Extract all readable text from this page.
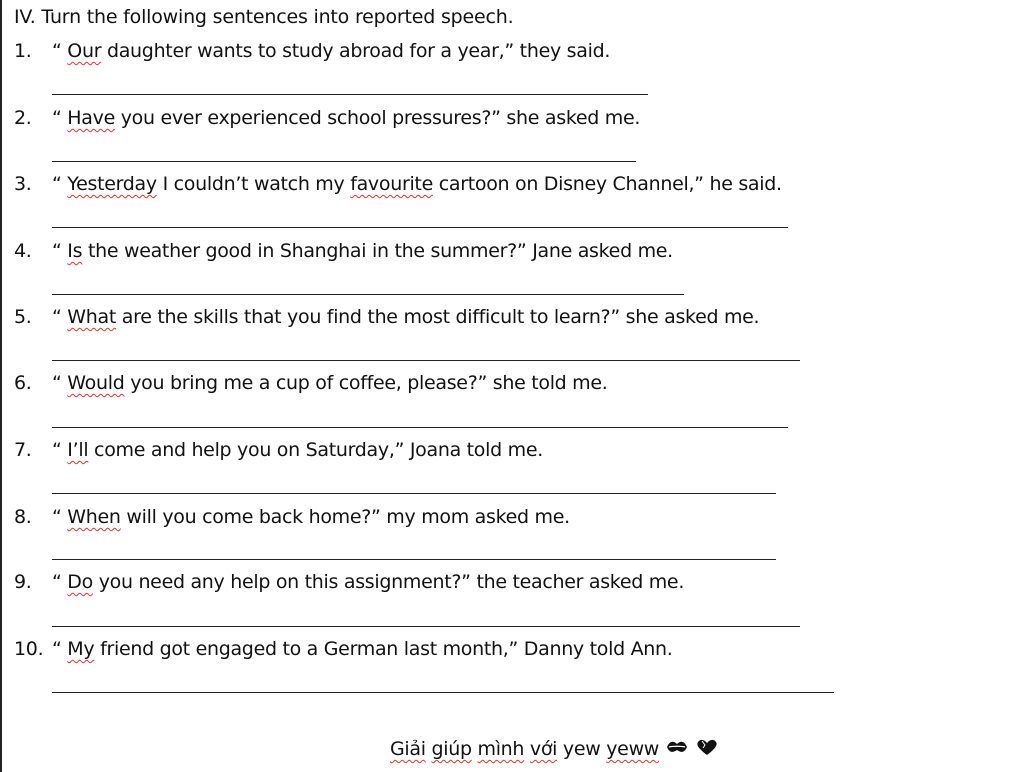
IV. Turn the following sentences into reported speech.
1. “ Our daughter wants to study abroad for a year,” they said.
2. “ Have you ever experienced school pressures?” she asked me.
3. “ Yesterday I couldn’t watch my favourite cartoon on Disney Channel,” he said.
4. “ Is the weather good in Shanghai in the summer?” Jane asked me.
5. “ What are the skills that you find the most difficult to learn?” she asked me.
6. “ Would you bring me a cup of coffee, please?” she told me.
7. “ I’ll come and help you on Saturday,” Joana told me.
8. “ When will you come back home?” my mom asked me.
9. “ Do you need any help on this assignment?” the teacher asked me.
10. “ My friend got engaged to a German last month,” Danny told Ann.
Giải giúp mình với yew yeww
